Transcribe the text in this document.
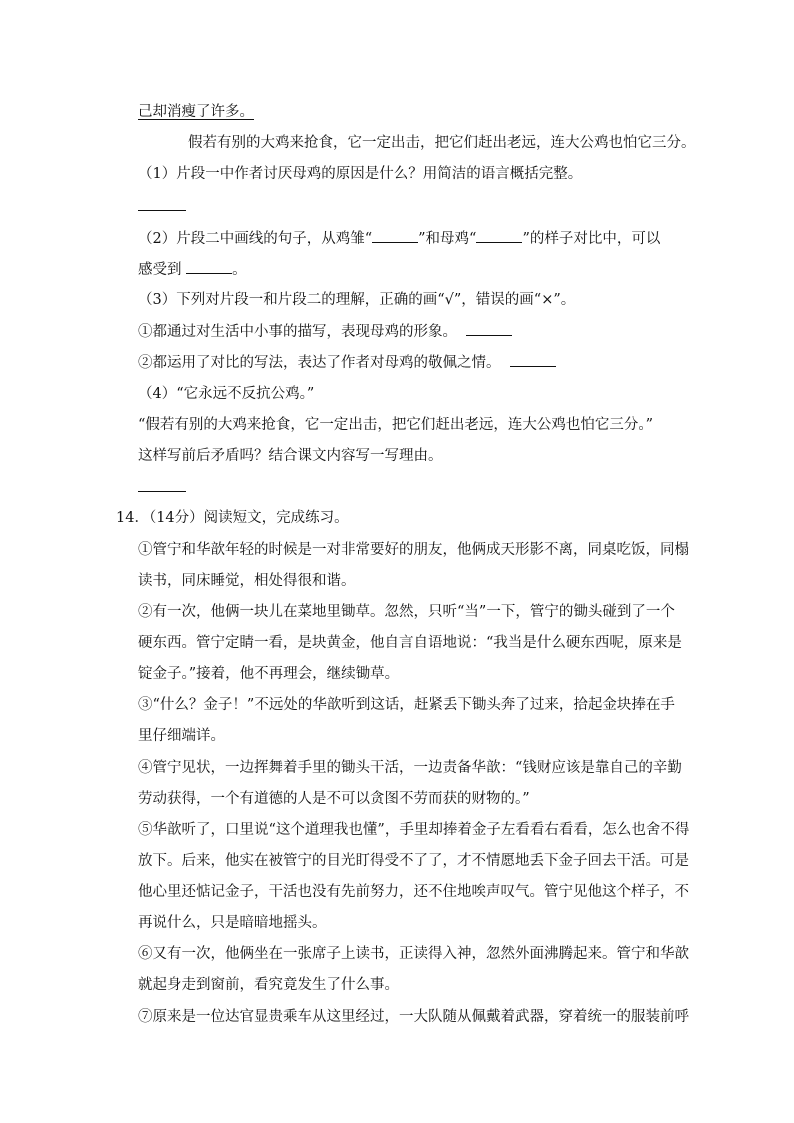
己却消瘦了许多。
假若有别的大鸡来抢食，它一定出击，把它们赶出老远，连大公鸡也怕它三分。
（1）片段一中作者讨厌母鸡的原因是什么？用简洁的语言概括完整。
（2）片段二中画线的句子，从鸡雏“	”和母鸡“	”的样子对比中，可以
感受到	。
（3）下列对片段一和片段二的理解，正确的画“√”，错误的画“×”。
①都通过对生活中小事的描写，表现母鸡的形象。
②都运用了对比的写法，表达了作者对母鸡的敬佩之情。
（4）“它永远不反抗公鸡。”
“假若有别的大鸡来抢食，它一定出击，把它们赶出老远，连大公鸡也怕它三分。”
这样写前后矛盾吗？结合课文内容写一写理由。
14．（14分）阅读短文，完成练习。
①管宁和华歆年轻的时候是一对非常要好的朋友，他俩成天形影不离，同桌吃饭，同榻
读书，同床睡觉，相处得很和谐。
②有一次，他俩一块儿在菜地里锄草。忽然，只听“当”一下，管宁的锄头碰到了一个
硬东西。管宁定睛一看，是块黄金，他自言自语地说：“我当是什么硬东西呢，原来是
锭金子。”接着，他不再理会，继续锄草。
③“什么？金子！”不远处的华歆听到这话，赶紧丢下锄头奔了过来，拾起金块捧在手
里仔细端详。
④管宁见状，一边挥舞着手里的锄头干活，一边责备华歆：“钱财应该是靠自己的辛勤
劳动获得，一个有道德的人是不可以贪图不劳而获的财物的。”
⑤华歆听了，口里说“这个道理我也懂”，手里却捧着金子左看看右看看，怎么也舍不得
放下。后来，他实在被管宁的目光盯得受不了了，才不情愿地丢下金子回去干活。可是
他心里还惦记金子，干活也没有先前努力，还不住地唉声叹气。管宁见他这个样子，不
再说什么，只是暗暗地摇头。
⑥又有一次，他俩坐在一张席子上读书，正读得入神，忽然外面沸腾起来。管宁和华歆
就起身走到窗前，看究竟发生了什么事。
⑦原来是一位达官显贵乘车从这里经过，一大队随从佩戴着武器，穿着统一的服装前呼
